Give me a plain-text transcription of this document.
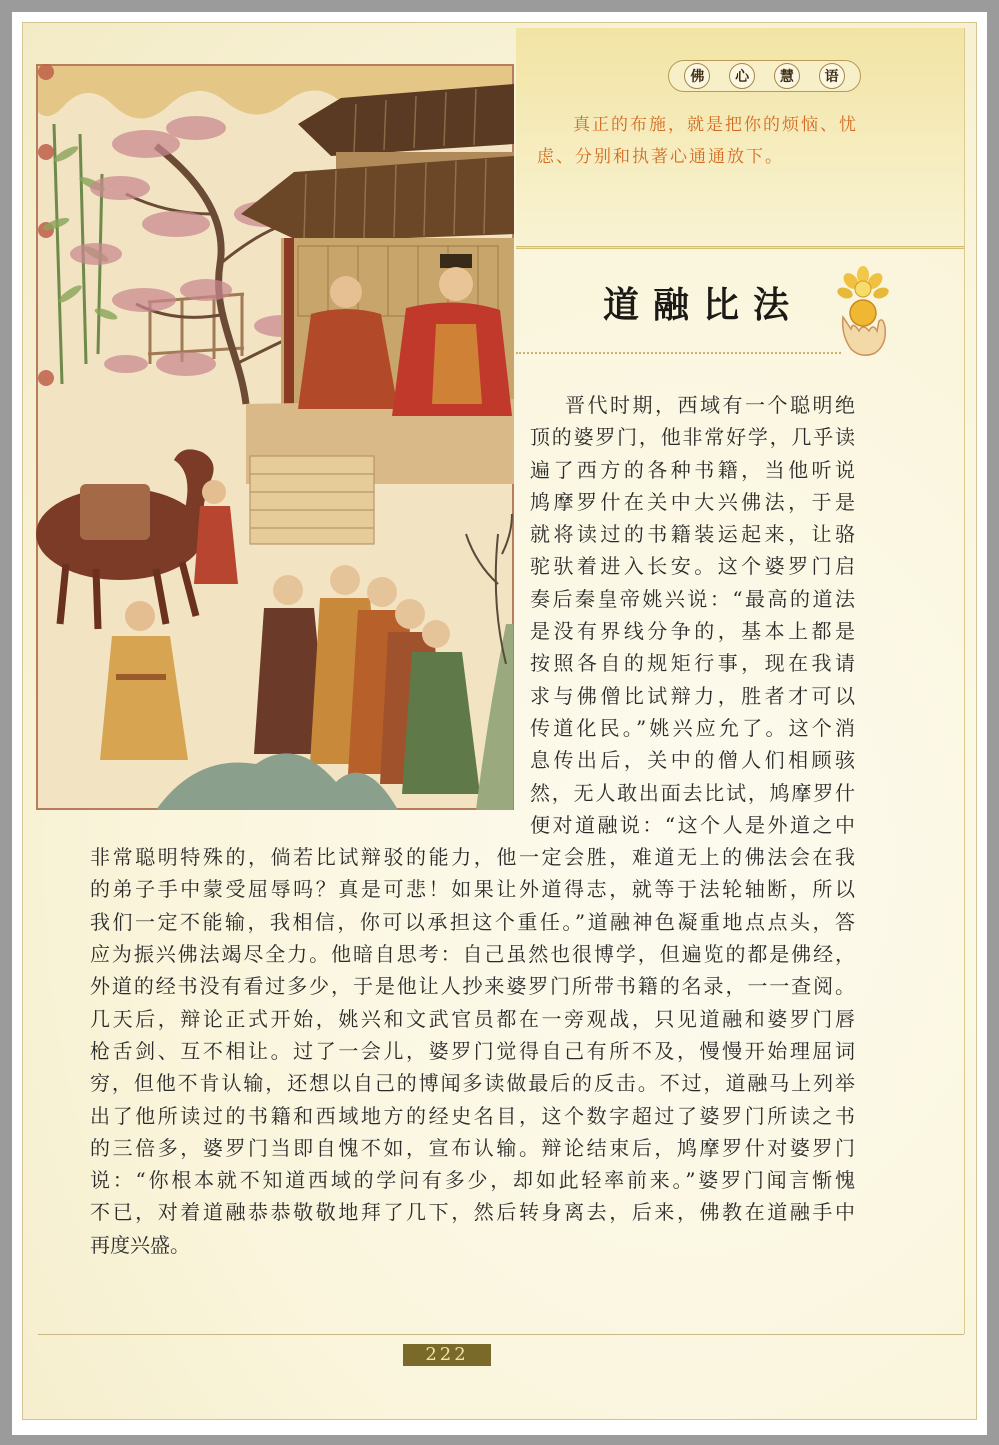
佛	心	慧	语
真正的布施，就是把你的烦恼、忧
虑、分别和执著心通通放下。
道融比法
晋代时期，西域有一个聪明绝
顶的婆罗门，他非常好学，几乎读
遍了西方的各种书籍，当他听说
鸠摩罗什在关中大兴佛法，于是
就将读过的书籍装运起来，让骆
驼驮着进入长安。这个婆罗门启
奏后秦皇帝姚兴说：“最高的道法
是没有界线分争的，基本上都是
按照各自的规矩行事，现在我请
求与佛僧比试辩力，胜者才可以
传道化民。”姚兴应允了。这个消
息传出后，关中的僧人们相顾骇
然，无人敢出面去比试，鸠摩罗什
便对道融说：“这个人是外道之中
非常聪明特殊的，倘若比试辩驳的能力，他一定会胜，难道无上的佛法会在我
的弟子手中蒙受屈辱吗？真是可悲！如果让外道得志，就等于法轮轴断，所以
我们一定不能输，我相信，你可以承担这个重任。”道融神色凝重地点点头，答
应为振兴佛法竭尽全力。他暗自思考：自己虽然也很博学，但遍览的都是佛经，
外道的经书没有看过多少，于是他让人抄来婆罗门所带书籍的名录，一一查阅。
几天后，辩论正式开始，姚兴和文武官员都在一旁观战，只见道融和婆罗门唇
枪舌剑、互不相让。过了一会儿，婆罗门觉得自己有所不及，慢慢开始理屈词
穷，但他不肯认输，还想以自己的博闻多读做最后的反击。不过，道融马上列举
出了他所读过的书籍和西域地方的经史名目，这个数字超过了婆罗门所读之书
的三倍多，婆罗门当即自愧不如，宣布认输。辩论结束后，鸠摩罗什对婆罗门
说：“你根本就不知道西域的学问有多少，却如此轻率前来。”婆罗门闻言惭愧
不已，对着道融恭恭敬敬地拜了几下，然后转身离去，后来，佛教在道融手中
再度兴盛。
222
